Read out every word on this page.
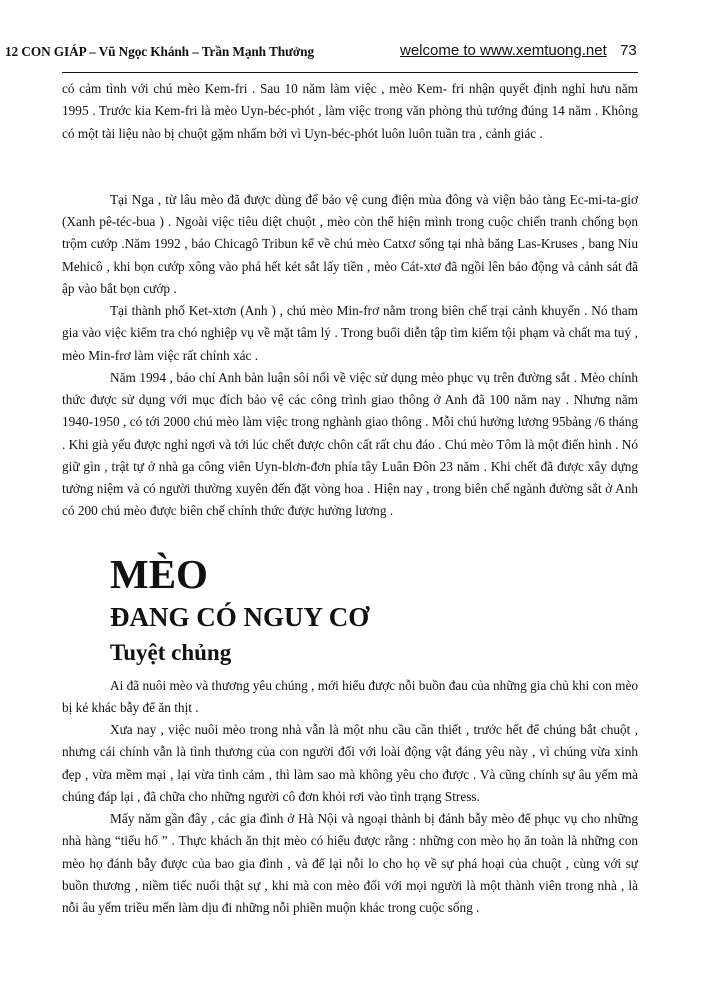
12 CON GIÁP – Vũ Ngọc Khánh – Trần Mạnh Thưởng	welcome to www.xemtuong.net 73

có cảm tình với chú mèo Kem-fri . Sau 10 năm làm việc , mèo Kem- fri nhận quyết định nghỉ hưu năm 1995 . Trước kia Kem-fri là mèo Uyn-béc-phót , làm việc trong văn phòng thủ tướng đúng 14 năm . Không có một tài liệu nào bị chuột gặm nhấm bởi vì Uyn-béc-phót luôn luôn tuần tra , cảnh giác .

Tại Nga , từ lâu mèo đã được dùng để bảo vệ cung điện mùa đông và viện bảo tàng Ec-mi-ta-giơ (Xanh pê-téc-bua ) . Ngoài việc tiêu diệt chuột , mèo còn thể hiện mình trong cuộc chiến tranh chống bọn trộm cướp .Năm 1992 , báo Chicagô Tribun kể về chú mèo Catxơ sống tại nhà băng Las-Kruses , bang Niu Mehicô , khi bọn cướp xông vào phá hết két sắt lấy tiền , mèo Cát-xtơ đã ngồi lên báo động và cảnh sát đã ập vào bắt bọn cướp .

Tại thành phố Ket-xtơn (Anh ) , chú mèo Min-frơ nằm trong biên chế trại cảnh khuyển . Nó tham gia vào việc kiểm tra chó nghiệp vụ về mặt tâm lý . Trong buổi diễn tập tìm kiếm tội phạm và chất ma tuý , mèo Min-frơ làm việc rất chính xác .

Năm 1994 , báo chí Anh bàn luận sôi nổi về việc sử dụng mèo phục vụ trên đường sắt . Mèo chính thức được sử dụng với mục đích bảo vệ các công trình giao thông ở Anh đã 100 năm nay . Nhưng năm 1940-1950 , có tới 2000 chú mèo làm việc trong nghành giao thông . Mỗi chú hưởng lương 95bảng /6 tháng . Khi già yếu được nghỉ ngơi và tới lúc chết được chôn cất rất chu đáo . Chú mèo Tôm là một điển hình . Nó giữ gìn , trật tự ở nhà ga công viên Uyn-blơn-đơn phía tây Luân Đôn 23 năm . Khi chết đã được xây dựng tưởng niệm và có người thường xuyên đến đặt vòng hoa . Hiện nay , trong biên chế ngành đường sắt ở Anh có 200 chú mèo được biên chế chính thức được hưởng lương .

MÈO
ĐANG CÓ NGUY CƠ
Tuyệt chủng

Ai đã nuôi mèo và thương yêu chúng , mới hiểu được nỗi buồn đau của những gia chủ khi con mèo bị kẻ khác bẫy để ăn thịt .

Xưa nay , việc nuôi mèo trong nhà vẫn là một nhu cầu cần thiết , trước hết để chúng bắt chuột , nhưng cái chính vẫn là tình thương của con người đối với loài động vật đáng yêu này , vì chúng vừa xinh đẹp , vừa mềm mại , lại vừa tình cảm , thì làm sao mà không yêu cho được . Và cũng chính sự âu yếm mà chúng đáp lại , đã chữa cho những người cô đơn khỏi rơi vào tình trạng Stress.

Mấy năm gần đây , các gia đình ở Hà Nội và ngoại thành bị đánh bẫy mèo để phục vụ cho những nhà hàng “tiểu hổ ” . Thực khách ăn thịt mèo có hiểu được rằng : những con mèo họ ăn toàn là những con mèo họ đánh bẫy được của bao gia đình , và để lại nỗi lo cho họ về sự phá hoại của chuột , cùng với sự buồn thương , niềm tiếc nuối thật sự , khi mà con mèo đối với mọi người là một thành viên trong nhà , là nỗi âu yếm triều mến làm dịu đi những nỗi phiền muộn khác trong cuộc sống .
